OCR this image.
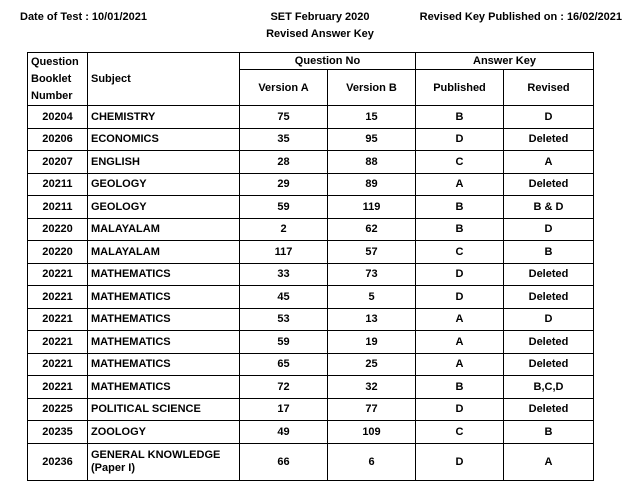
Date of Test : 10/01/2021	SET February 2020
Revised Answer Key
Revised Key Published on : 16/02/2021
Question Booklet Number	Subject	Question No		Answer Key	
		Version A	Version B	Published	Revised
20204	CHEMISTRY	75	15	B	D
20206	ECONOMICS	35	95	D	Deleted
20207	ENGLISH	28	88	C	A
20211	GEOLOGY	29	89	A	Deleted
20211	GEOLOGY	59	119	B	B & D
20220	MALAYALAM	2	62	B	D
20220	MALAYALAM	117	57	C	B
20221	MATHEMATICS	33	73	D	Deleted
20221	MATHEMATICS	45	5	D	Deleted
20221	MATHEMATICS	53	13	A	D
20221	MATHEMATICS	59	19	A	Deleted
20221	MATHEMATICS	65	25	A	Deleted
20221	MATHEMATICS	72	32	B	B,C,D
20225	POLITICAL SCIENCE	17	77	D	Deleted
20235	ZOOLOGY	49	109	C	B
20236	GENERAL KNOWLEDGE (Paper I)	66	6	D	A
